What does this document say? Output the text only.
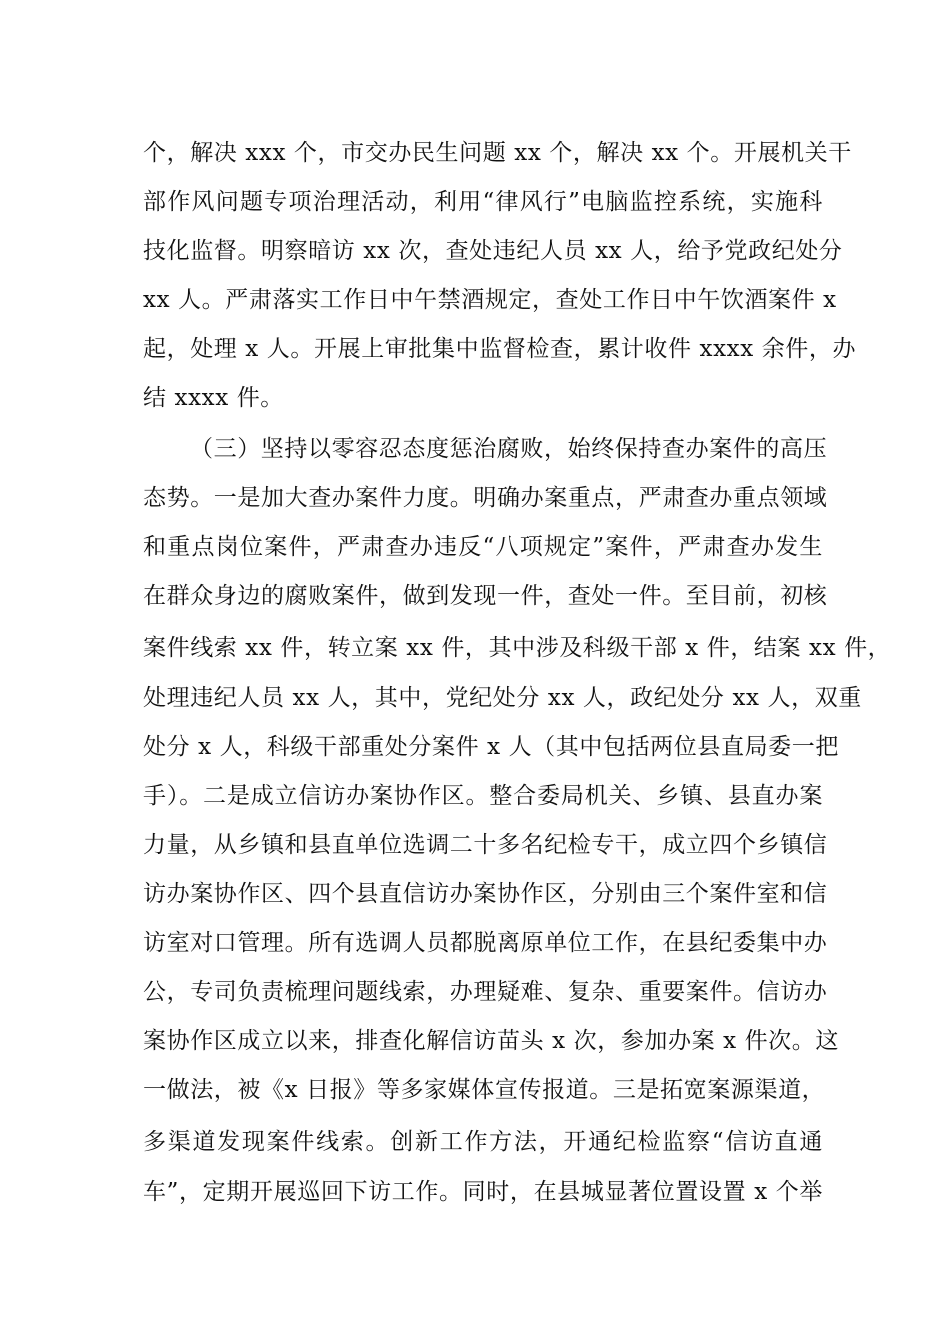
个，解决 xxx 个，市交办民生问题 xx 个，解决 xx 个。开展机关干
部作风问题专项治理活动，利用“律风行”电脑监控系统，实施科
技化监督。明察暗访 xx 次，查处违纪人员 xx 人，给予党政纪处分
xx 人。严肃落实工作日中午禁酒规定，查处工作日中午饮酒案件 x
起，处理 x 人。开展上审批集中监督检查，累计收件 xxxx 余件，办
结 xxxx 件。
（三）坚持以零容忍态度惩治腐败，始终保持查办案件的高压
态势。一是加大查办案件力度。明确办案重点，严肃查办重点领域
和重点岗位案件，严肃查办违反“八项规定”案件，严肃查办发生
在群众身边的腐败案件，做到发现一件，查处一件。至目前，初核
案件线索 xx 件，转立案 xx 件，其中涉及科级干部 x 件，结案 xx 件，
处理违纪人员 xx 人，其中，党纪处分 xx 人，政纪处分 xx 人，双重
处分 x 人，科级干部重处分案件 x 人（其中包括两位县直局委一把
手）。二是成立信访办案协作区。整合委局机关、乡镇、县直办案
力量，从乡镇和县直单位选调二十多名纪检专干，成立四个乡镇信
访办案协作区、四个县直信访办案协作区，分别由三个案件室和信
访室对口管理。所有选调人员都脱离原单位工作，在县纪委集中办
公，专司负责梳理问题线索，办理疑难、复杂、重要案件。信访办
案协作区成立以来，排查化解信访苗头 x 次，参加办案 x 件次。这
一做法，被《x 日报》等多家媒体宣传报道。三是拓宽案源渠道，
多渠道发现案件线索。创新工作方法，开通纪检监察“信访直通
车”，定期开展巡回下访工作。同时，在县城显著位置设置 x 个举
